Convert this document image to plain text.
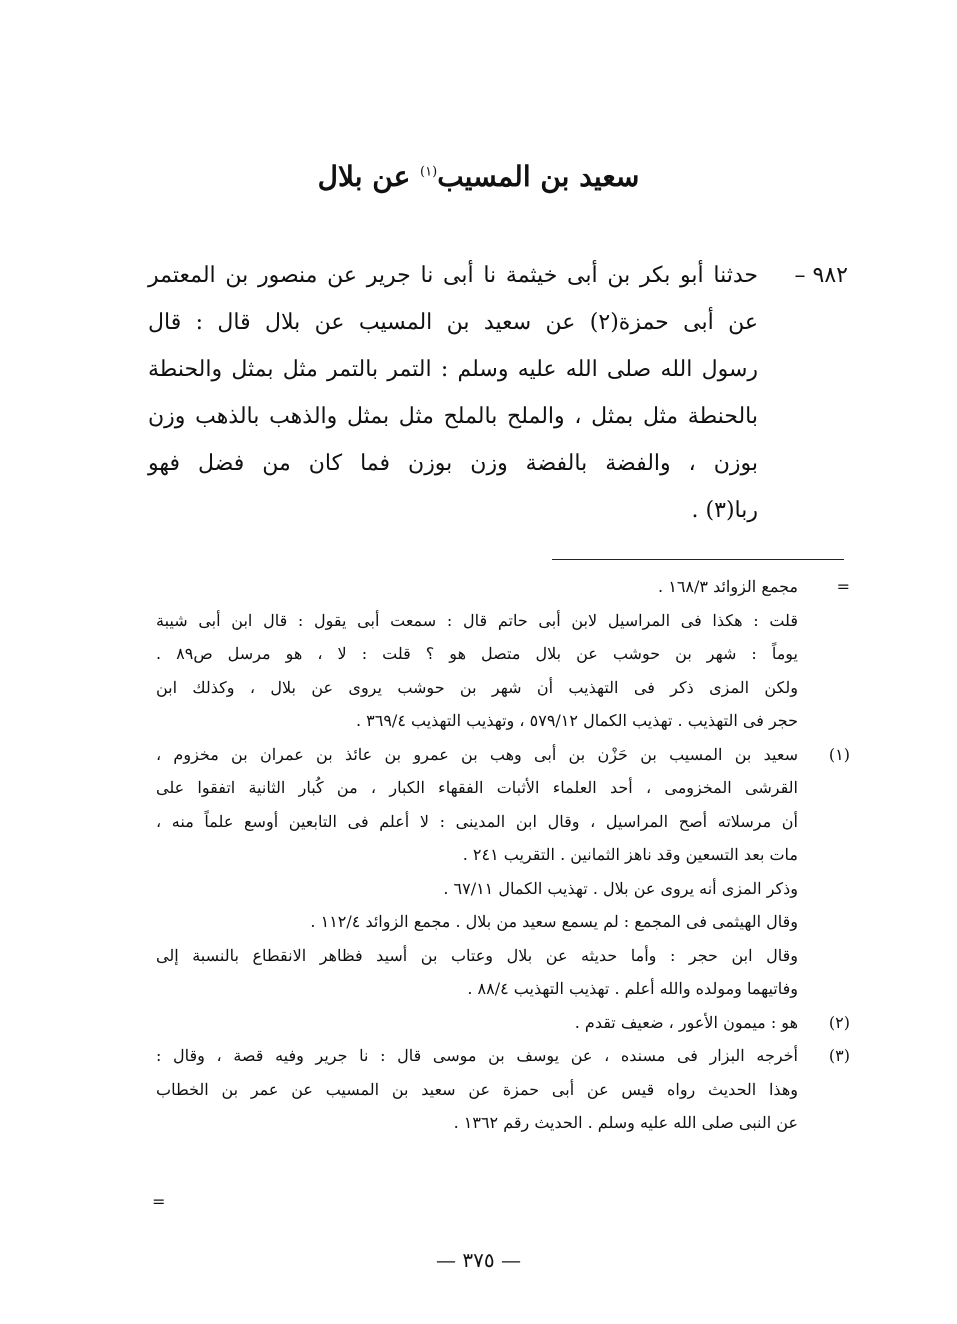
سعيد بن المسيب$^{(١)}$ عن بلال
٩٨٢ –
حدثنا أبو بكر بن أبى خيثمة نا أبى نا جرير عن منصور بن المعتمر
عن أبى حمزة(٢) عن سعيد بن المسيب عن بلال قال : قال
رسول الله صلى الله عليه وسلم : التمر بالتمر مثل بمثل والحنطة
بالحنطة مثل بمثل ، والملح بالملح مثل بمثل والذهب بالذهب وزن
بوزن ، والفضة بالفضة وزن بوزن فما كان من فضل فهو
ربا(٣) .
=
مجمع الزوائد ١٦٨/٣ .
قلت : هكذا فى المراسيل لابن أبى حاتم قال : سمعت أبى يقول : قال ابن أبى شيبة
يوماً : شهر بن حوشب عن بلال متصل هو ؟ قلت : لا ، هو مرسل ص٨٩ .
ولكن المزى ذكر فى التهذيب أن شهر بن حوشب يروى عن بلال ، وكذلك ابن
حجر فى التهذيب . تهذيب الكمال ٥٧٩/١٢ ، وتهذيب التهذيب ٣٦٩/٤ .
(١)
سعيد بن المسيب بن حَزْن بن أبى وهب بن عمرو بن عائذ بن عمران بن مخزوم ،
القرشى المخزومى ، أحد العلماء الأثبات الفقهاء الكبار ، من كُبار الثانية اتفقوا على
أن مرسلاته أصح المراسيل ، وقال ابن المدينى : لا أعلم فى التابعين أوسع علماً منه ،
مات بعد التسعين وقد ناهز الثمانين . التقريب ٢٤١ .
وذكر المزى أنه يروى عن بلال . تهذيب الكمال ٦٧/١١ .
وقال الهيثمى فى المجمع : لم يسمع سعيد من بلال . مجمع الزوائد ١١٢/٤ .
وقال ابن حجر : وأما حديثه عن بلال وعتاب بن أسيد فظاهر الانقطاع بالنسبة إلى
وفاتيهما ومولده والله أعلم . تهذيب التهذيب ٨٨/٤ .
(٢)
هو : ميمون الأعور ، ضعيف تقدم .
(٣)
أخرجه البزار فى مسنده ، عن يوسف بن موسى قال : نا جرير وفيه قصة ، وقال :
وهذا الحديث رواه قيس عن أبى حمزة عن سعيد بن المسيب عن عمر بن الخطاب
عن النبى صلى الله عليه وسلم . الحديث رقم ١٣٦٢ .
=
— ٣٧٥ —
